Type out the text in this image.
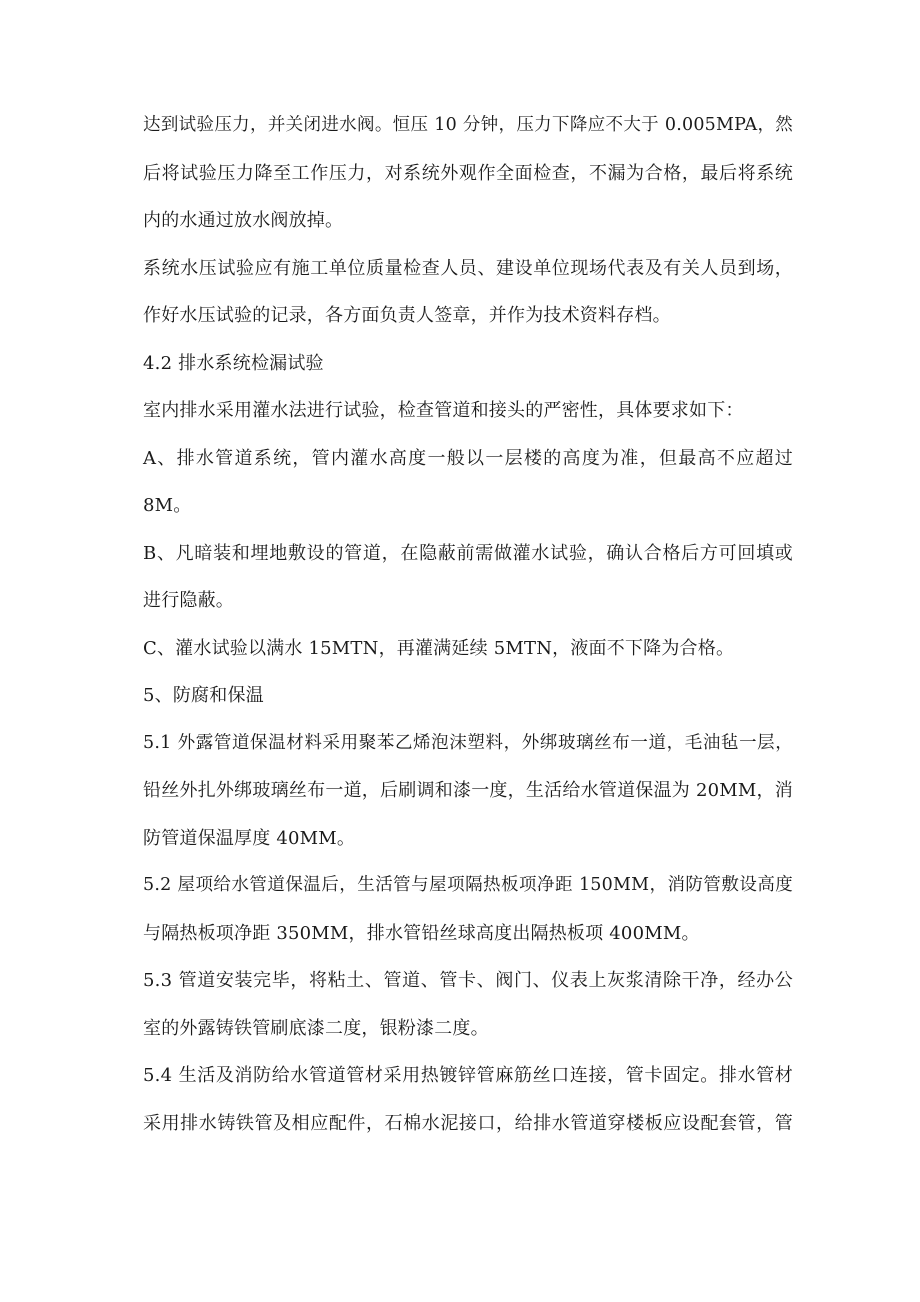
达到试验压力，并关闭进水阀。恒压 10 分钟，压力下降应不大于 0.005MPA，然
后将试验压力降至工作压力，对系统外观作全面检查，不漏为合格，最后将系统
内的水通过放水阀放掉。
系统水压试验应有施工单位质量检查人员、建设单位现场代表及有关人员到场，
作好水压试验的记录，各方面负责人签章，并作为技术资料存档。
4.2 排水系统检漏试验
室内排水采用灌水法进行试验，检查管道和接头的严密性，具体要求如下：
A、排水管道系统，管内灌水高度一般以一层楼的高度为准，但最高不应超过
8M。
B、凡暗装和埋地敷设的管道，在隐蔽前需做灌水试验，确认合格后方可回填或
进行隐蔽。
C、灌水试验以满水 15MTN，再灌满延续 5MTN，液面不下降为合格。
5、防腐和保温
5.1 外露管道保温材料采用聚苯乙烯泡沫塑料，外绑玻璃丝布一道，毛油毡一层，
铅丝外扎外绑玻璃丝布一道，后刷调和漆一度，生活给水管道保温为 20MM，消
防管道保温厚度 40MM。
5.2 屋项给水管道保温后，生活管与屋项隔热板项净距 150MM，消防管敷设高度
与隔热板项净距 350MM，排水管铅丝球高度出隔热板项 400MM。
5.3 管道安装完毕，将粘土、管道、管卡、阀门、仪表上灰浆清除干净，经办公
室的外露铸铁管刷底漆二度，银粉漆二度。
5.4 生活及消防给水管道管材采用热镀锌管麻筋丝口连接，管卡固定。排水管材
采用排水铸铁管及相应配件，石棉水泥接口，给排水管道穿楼板应设配套管，管
